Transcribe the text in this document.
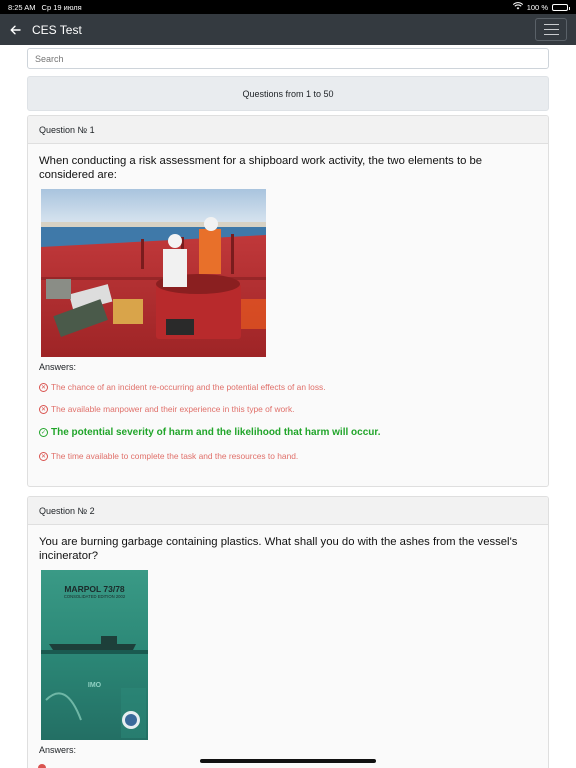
8:25 AM Ср 19 июля	100 %
CES Test
Search
Questions from 1 to 50
Question № 1
When conducting a risk assessment for a shipboard work activity, the two elements to be considered are:
Answers:
✕ The chance of an incident re-occurring and the potential effects of an loss.
✕ The available manpower and their experience in this type of work.
✓ The potential severity of harm and the likelihood that harm will occur.
✕ The time available to complete the task and the resources to hand.
Question № 2
You are burning garbage containing plastics. What shall you do with the ashes from the vessel's incinerator?
MARPOL 73/78
CONSOLIDATED EDITION 2002
IMO
Answers:
